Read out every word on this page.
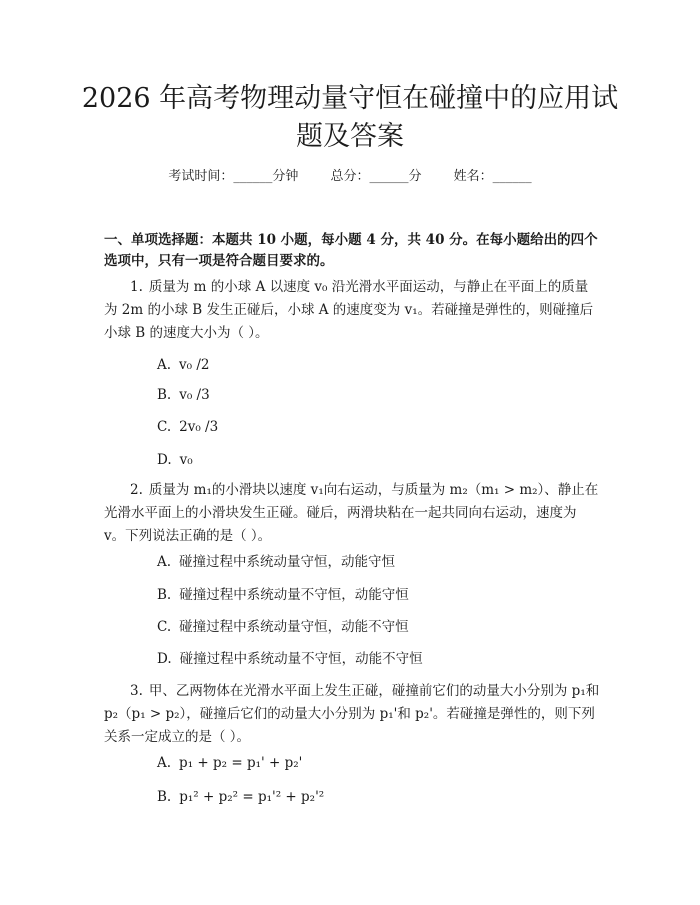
2026 年高考物理动量守恒在碰撞中的应用试题及答案
考试时间：______分钟 总分：______分 姓名：______

一、单项选择题：本题共 10 小题，每小题 4 分，共 40 分。在每小题给出的四个选项中，只有一项是符合题目要求的。

1. 质量为 m 的小球 A 以速度 v₀ 沿光滑水平面运动，与静止在平面上的质量为 2m 的小球 B 发生正碰后，小球 A 的速度变为 v₁。若碰撞是弹性的，则碰撞后小球 B 的速度大小为（ ）。

A. v₀ /2
B. v₀ /3
C. 2v₀ /3
D. v₀

2. 质量为 m₁的小滑块以速度 v₁向右运动，与质量为 m₂（m₁ > m₂）、静止在光滑水平面上的小滑块发生正碰。碰后，两滑块粘在一起共同向右运动，速度为 v。下列说法正确的是（ ）。

A. 碰撞过程中系统动量守恒，动能守恒
B. 碰撞过程中系统动量不守恒，动能守恒
C. 碰撞过程中系统动量守恒，动能不守恒
D. 碰撞过程中系统动量不守恒，动能不守恒

3. 甲、乙两物体在光滑水平面上发生正碰，碰撞前它们的动量大小分别为 p₁和 p₂（p₁ > p₂），碰撞后它们的动量大小分别为 p₁'和 p₂'。若碰撞是弹性的，则下列关系一定成立的是（ ）。

A. p₁ + p₂ = p₁' + p₂'
B. p₁² + p₂² = p₁'² + p₂'²
